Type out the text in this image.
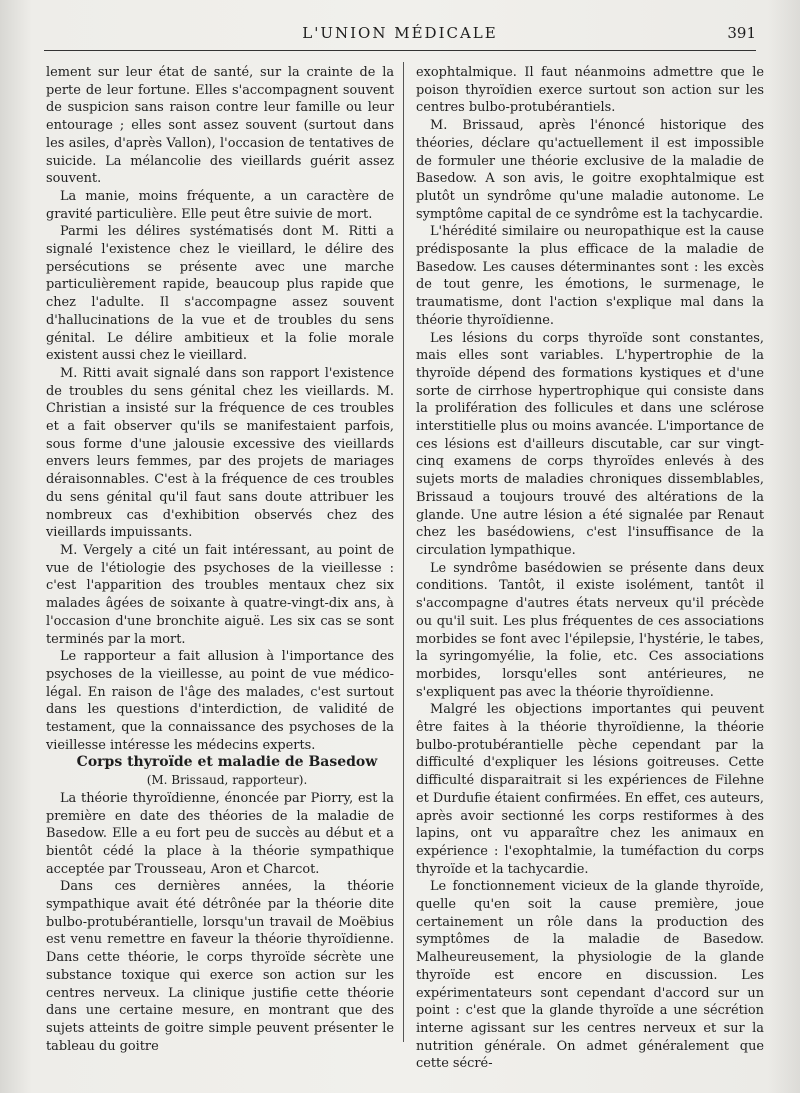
L'UNION MÉDICALE	391

lement sur leur état de santé, sur la crainte de la perte de leur fortune. Elles s'accompagnent souvent de suspicion sans raison contre leur famille ou leur entourage ; elles sont assez souvent (surtout dans les asiles, d'après Vallon), l'occasion de tentatives de suicide. La mélancolie des vieillards guérit assez souvent.

La manie, moins fréquente, a un caractère de gravité particulière. Elle peut être suivie de mort.

Parmi les délires systématisés dont M. Ritti a signalé l'existence chez le vieillard, le délire des persécutions se présente avec une marche particulièrement rapide, beaucoup plus rapide que chez l'adulte. Il s'accompagne assez souvent d'hallucinations de la vue et de troubles du sens génital. Le délire ambitieux et la folie morale existent aussi chez le vieillard.

M. Ritti avait signalé dans son rapport l'existence de troubles du sens génital chez les vieillards. M. Christian a insisté sur la fréquence de ces troubles et a fait observer qu'ils se manifestaient parfois, sous forme d'une jalousie excessive des vieillards envers leurs femmes, par des projets de mariages déraisonnables. C'est à la fréquence de ces troubles du sens génital qu'il faut sans doute attribuer les nombreux cas d'exhibition observés chez des vieillards impuissants.

M. Vergely a cité un fait intéressant, au point de vue de l'étiologie des psychoses de la vieillesse : c'est l'apparition des troubles mentaux chez six malades âgées de soixante à quatre-vingt-dix ans, à l'occasion d'une bronchite aiguë. Les six cas se sont terminés par la mort.

Le rapporteur a fait allusion à l'importance des psychoses de la vieillesse, au point de vue médico-légal. En raison de l'âge des malades, c'est surtout dans les questions d'interdiction, de validité de testament, que la connaissance des psychoses de la vieillesse intéresse les médecins experts.

Corps thyroïde et maladie de Basedow

(M. Brissaud, rapporteur).

La théorie thyroïdienne, énoncée par Piorry, est la première en date des théories de la maladie de Basedow. Elle a eu fort peu de succès au début et a bientôt cédé la place à la théorie sympathique acceptée par Trousseau, Aron et Charcot.

Dans ces dernières années, la théorie sympathique avait été détrônée par la théorie dite bulbo-protubérantielle, lorsqu'un travail de Moëbius est venu remettre en faveur la théorie thyroïdienne. Dans cette théorie, le corps thyroïde sécrète une substance toxique qui exerce son action sur les centres nerveux. La clinique justifie cette théorie dans une certaine mesure, en montrant que des sujets atteints de goitre simple peuvent présenter le tableau du goitre

exophtalmique. Il faut néanmoins admettre que le poison thyroïdien exerce surtout son action sur les centres bulbo-protubérantiels.

M. Brissaud, après l'énoncé historique des théories, déclare qu'actuellement il est impossible de formuler une théorie exclusive de la maladie de Basedow. A son avis, le goitre exophtalmique est plutôt un syndrôme qu'une maladie autonome. Le symptôme capital de ce syndrôme est la tachycardie.

L'hérédité similaire ou neuropathique est la cause prédisposante la plus efficace de la maladie de Basedow. Les causes déterminantes sont : les excès de tout genre, les émotions, le surmenage, le traumatisme, dont l'action s'explique mal dans la théorie thyroïdienne.

Les lésions du corps thyroïde sont constantes, mais elles sont variables. L'hypertrophie de la thyroïde dépend des formations kystiques et d'une sorte de cirrhose hypertrophique qui consiste dans la prolifération des follicules et dans une sclérose interstitielle plus ou moins avancée. L'importance de ces lésions est d'ailleurs discutable, car sur vingt-cinq examens de corps thyroïdes enlevés à des sujets morts de maladies chroniques dissemblables, Brissaud a toujours trouvé des altérations de la glande. Une autre lésion a été signalée par Renaut chez les basédowiens, c'est l'insuffisance de la circulation lympathique.

Le syndrôme basédowien se présente dans deux conditions. Tantôt, il existe isolément, tantôt il s'accompagne d'autres états nerveux qu'il précède ou qu'il suit. Les plus fréquentes de ces associations morbides se font avec l'épilepsie, l'hystérie, le tabes, la syringomyélie, la folie, etc. Ces associations morbides, lorsqu'elles sont antérieures, ne s'expliquent pas avec la théorie thyroïdienne.

Malgré les objections importantes qui peuvent être faites à la théorie thyroïdienne, la théorie bulbo-protubérantielle pèche cependant par la difficulté d'expliquer les lésions goitreuses. Cette difficulté disparaitrait si les expériences de Filehne et Durdufie étaient confirmées. En effet, ces auteurs, après avoir sectionné les corps restiformes à des lapins, ont vu apparaître chez les animaux en expérience : l'exophtalmie, la tuméfaction du corps thyroïde et la tachycardie.

Le fonctionnement vicieux de la glande thyroïde, quelle qu'en soit la cause première, joue certainement un rôle dans la production des symptômes de la maladie de Basedow. Malheureusement, la physiologie de la glande thyroïde est encore en discussion. Les expérimentateurs sont cependant d'accord sur un point : c'est que la glande thyroïde a une sécrétion interne agissant sur les centres nerveux et sur la nutrition générale. On admet généralement que cette sécré-
